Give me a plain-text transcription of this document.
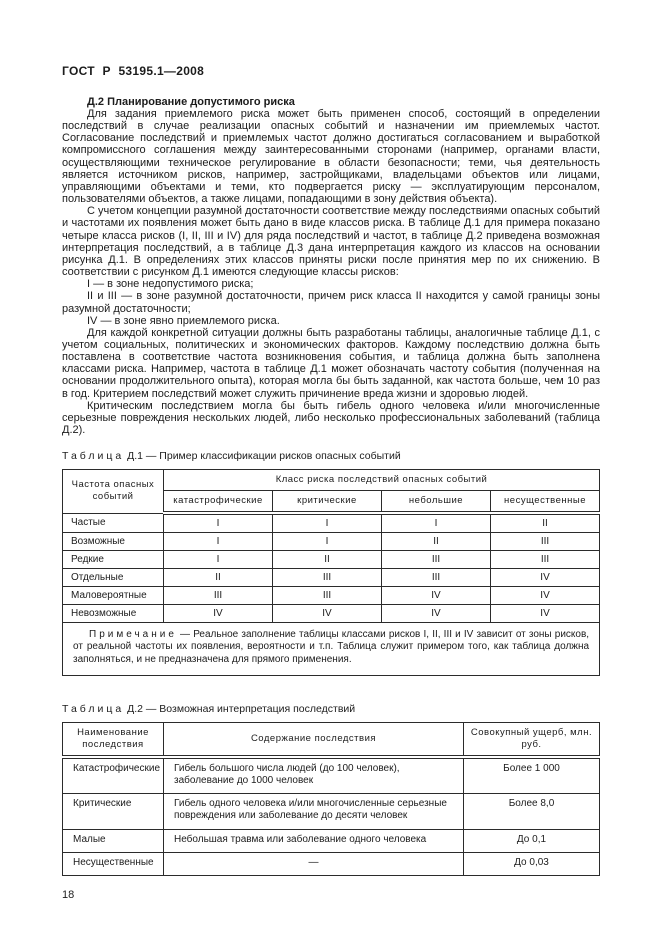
ГОСТ Р 53195.1—2008

Д.2 Планирование допустимого риска

Для задания приемлемого риска может быть применен способ, состоящий в определении последствий в случае реализации опасных событий и назначении им приемлемых частот. Согласование последствий и приемлемых частот должно достигаться согласованием и выработкой компромиссного соглашения между заинтересованными сторонами (например, органами власти, осуществляющими техническое регулирование в области безопасности; теми, чья деятельность является источником рисков, например, застройщиками, владельцами объектов или лицами, управляющими объектами и теми, кто подвергается риску — эксплуатирующим персоналом, пользователями объектов, а также лицами, попадающими в зону действия объекта).

С учетом концепции разумной достаточности соответствие между последствиями опасных событий и частотами их появления может быть дано в виде классов риска. В таблице Д.1 для примера показано четыре класса рисков (I, II, III и IV) для ряда последствий и частот, в таблице Д.2 приведена возможная интерпретация последствий, а в таблице Д.3 дана интерпретация каждого из классов на основании рисунка Д.1. В определениях этих классов приняты риски после принятия мер по их снижению. В соответствии с рисунком Д.1 имеются следующие классы рисков:

I — в зоне недопустимого риска;

II и III — в зоне разумной достаточности, причем риск класса II находится у самой границы зоны разумной достаточности;

IV — в зоне явно приемлемого риска.

Для каждой конкретной ситуации должны быть разработаны таблицы, аналогичные таблице Д.1, с учетом социальных, политических и экономических факторов. Каждому последствию должна быть поставлена в соответствие частота возникновения события, и таблица должна быть заполнена классами риска. Например, частота в таблице Д.1 может обозначать частоту события (полученная на основании продолжительного опыта), которая могла бы быть заданной, как частота больше, чем 10 раз в год. Критерием последствий может служить причинение вреда жизни и здоровью людей.

Критическим последствием могла бы быть гибель одного человека и/или многочисленные серьезные повреждения нескольких людей, либо несколько профессиональных заболеваний (таблица Д.2).

Таблица Д.1 — Пример классификации рисков опасных событий

Частота опасных событий	Класс риска последствий опасных событий			
	катастрофические	критические	небольшие	несущественные
Частые	I	I	I	II
Возможные	I	I	II	III
Редкие	I	II	III	III
Отдельные	II	III	III	IV
Маловероятные	III	III	IV	IV
Невозможные	IV	IV	IV	IV
Примечание — Реальное заполнение таблицы классами рисков I, II, III и IV зависит от зоны рисков, от реальной частоты их появления, вероятности и т.п. Таблица служит примером того, как таблица должна заполняться, и не предназначена для прямого применения.				

Таблица Д.2 — Возможная интерпретация последствий

Наименование последствия	Содержание последствия	Совокупный ущерб, млн. руб.
Катастрофические	Гибель большого числа людей (до 100 человек), заболевание до 1000 человек	Более 1 000
Критические	Гибель одного человека и/или многочисленные серьезные повреждения или заболевание до десяти человек	Более 8,0
Малые	Небольшая травма или заболевание одного человека	До 0,1
Несущественные	—	До 0,03

18
